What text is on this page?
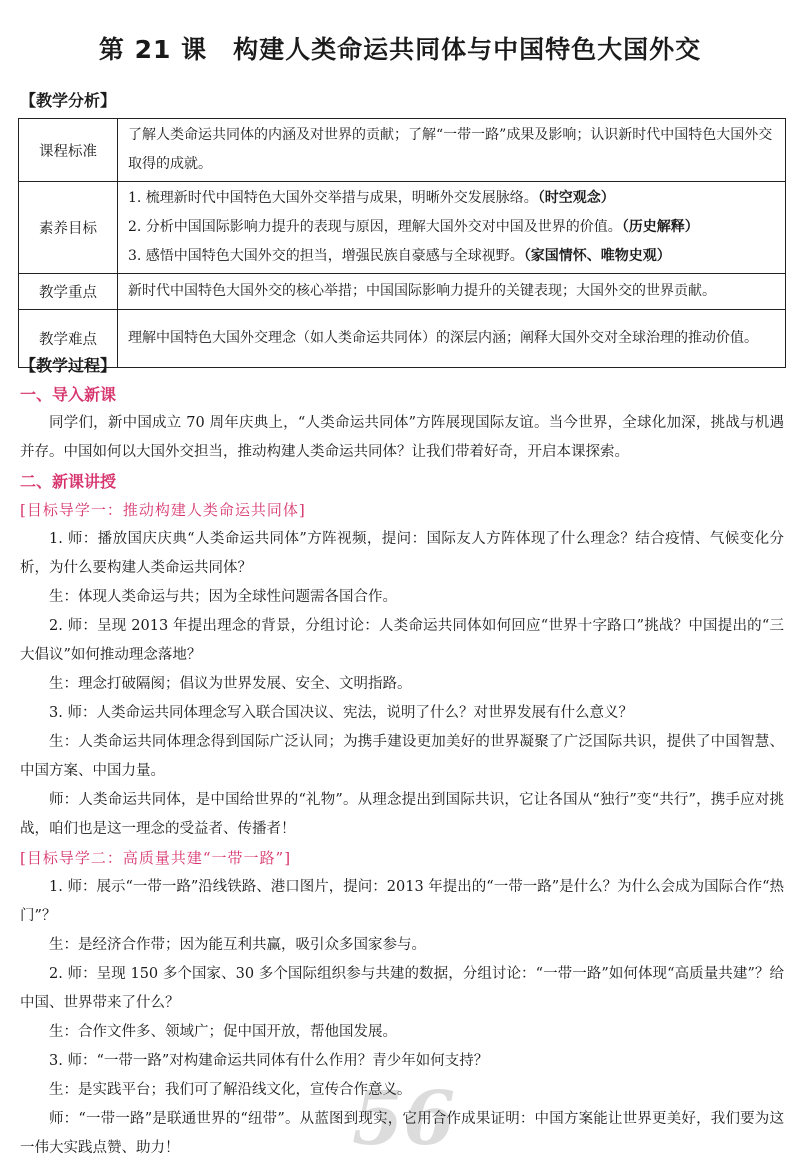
第 21 课 构建人类命运共同体与中国特色大国外交
【教学分析】
课程标准	了解人类命运共同体的内涵及对世界的贡献；了解“一带一路”成果及影响；认识新时代中国特色大国外交取得的成就。
素养目标	1. 梳理新时代中国特色大国外交举措与成果，明晰外交发展脉络。（时空观念）
2. 分析中国国际影响力提升的表现与原因，理解大国外交对中国及世界的价值。（历史解释）
3. 感悟中国特色大国外交的担当，增强民族自豪感与全球视野。（家国情怀、唯物史观）

教学重点	新时代中国特色大国外交的核心举措；中国国际影响力提升的关键表现；大国外交的世界贡献。
教学难点	理解中国特色大国外交理念（如人类命运共同体）的深层内涵；阐释大国外交对全球治理的推动价值。
【教学过程】
一、导入新课

同学们，新中国成立 70 周年庆典上，“人类命运共同体”方阵展现国际友谊。当今世界，全球化加深，挑战与机遇并存。中国如何以大国外交担当，推动构建人类命运共同体？让我们带着好奇，开启本课探索。

二、新课讲授
[目标导学一：推动构建人类命运共同体]

1. 师：播放国庆庆典“人类命运共同体”方阵视频，提问：国际友人方阵体现了什么理念？结合疫情、气候变化分析，为什么要构建人类命运共同体？

生：体现人类命运与共；因为全球性问题需各国合作。

2. 师：呈现 2013 年提出理念的背景，分组讨论：人类命运共同体如何回应“世界十字路口”挑战？中国提出的“三大倡议”如何推动理念落地？

生：理念打破隔阂；倡议为世界发展、安全、文明指路。

3. 师：人类命运共同体理念写入联合国决议、宪法，说明了什么？对世界发展有什么意义？

生：人类命运共同体理念得到国际广泛认同；为携手建设更加美好的世界凝聚了广泛国际共识，提供了中国智慧、中国方案、中国力量。

师：人类命运共同体，是中国给世界的“礼物”。从理念提出到国际共识，它让各国从“独行”变“共行”，携手应对挑战，咱们也是这一理念的受益者、传播者！

[目标导学二：高质量共建“一带一路”]

1. 师：展示“一带一路”沿线铁路、港口图片，提问：2013 年提出的“一带一路”是什么？为什么会成为国际合作“热门”？

生：是经济合作带；因为能互利共赢，吸引众多国家参与。

2. 师：呈现 150 多个国家、30 多个国际组织参与共建的数据，分组讨论：“一带一路”如何体现“高质量共建”？给中国、世界带来了什么？

生：合作文件多、领域广；促中国开放，帮他国发展。

3. 师：“一带一路”对构建命运共同体有什么作用？青少年如何支持？

生：是实践平台；我们可了解沿线文化，宣传合作意义。

师：“一带一路”是联通世界的“纽带”。从蓝图到现实，它用合作成果证明：中国方案能让世界更美好，我们要为这一伟大实践点赞、助力！	56
